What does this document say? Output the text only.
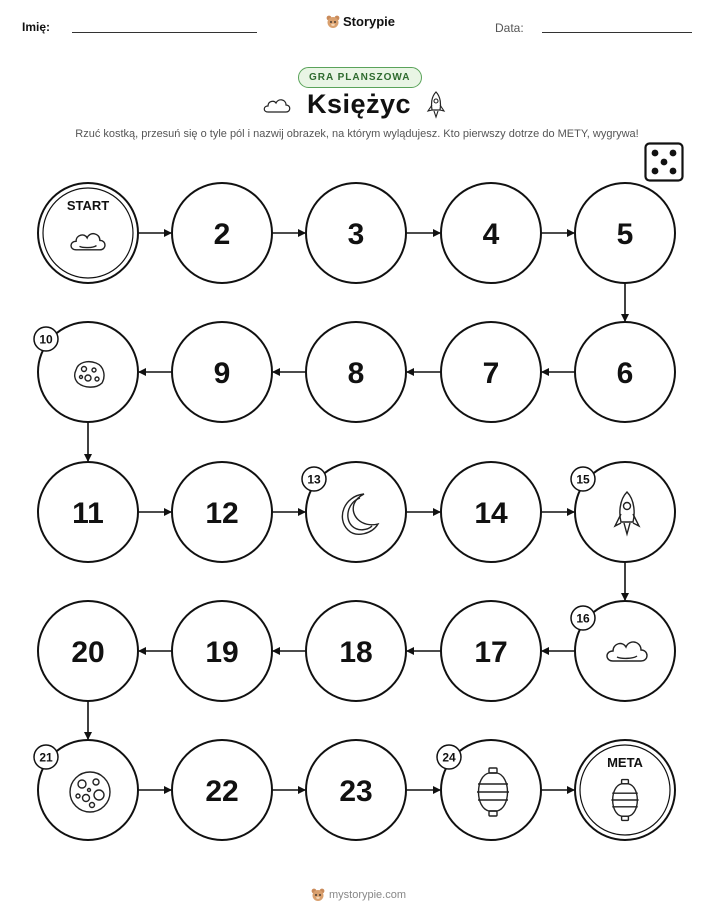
Imię:	Storypie	Data:
GRA PLANSZOWA
Księżyc
Rzuć kostką, przesuń się o tyle pól i nazwij obrazek, na którym wylądujesz. Kto pierwszy dotrze do METY, wygrywa!
START
2	3	4	5
6
7
8
9
10
11	12
13
14
15
16
17
18
19
20
21
22	23
24	META
mystorypie.com
